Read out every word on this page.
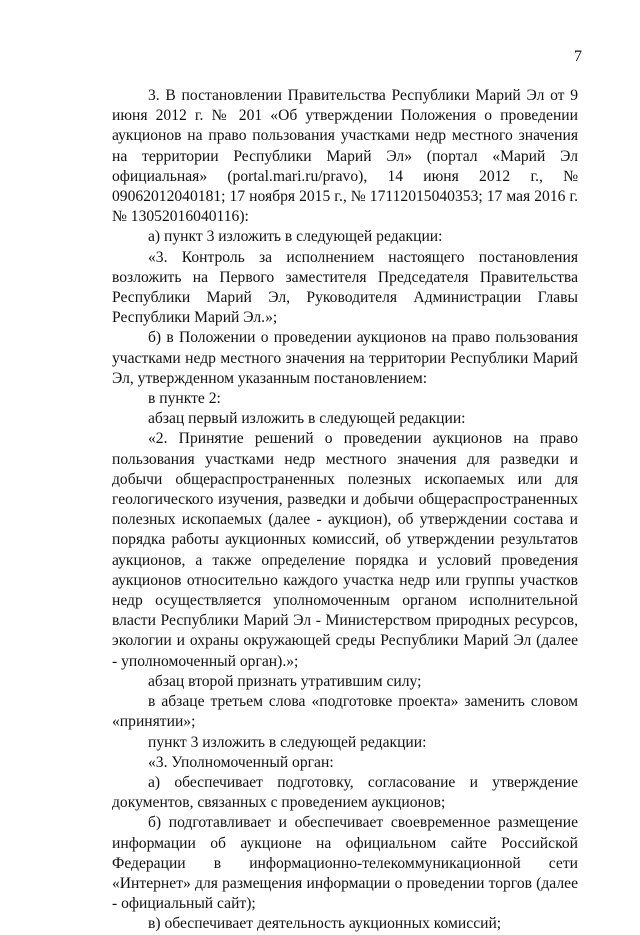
7

3. В постановлении Правительства Республики Марий Эл от 9 июня 2012 г. № 201 «Об утверждении Положения о проведении аукционов на право пользования участками недр местного значения на территории Республики Марий Эл» (портал «Марий Эл официальная» (portal.mari.ru/pravo), 14 июня 2012 г., № 09062012040181; 17 ноября 2015 г., № 17112015040353; 17 мая 2016 г. № 13052016040116):

а) пункт 3 изложить в следующей редакции:

«3. Контроль за исполнением настоящего постановления возложить на Первого заместителя Председателя Правительства Республики Марий Эл, Руководителя Администрации Главы Республики Марий Эл.»;

б) в Положении о проведении аукционов на право пользования участками недр местного значения на территории Республики Марий Эл, утвержденном указанным постановлением:

в пункте 2:

абзац первый изложить в следующей редакции:

«2. Принятие решений о проведении аукционов на право пользования участками недр местного значения для разведки и добычи общераспространенных полезных ископаемых или для геологического изучения, разведки и добычи общераспространенных полезных ископаемых (далее - аукцион), об утверждении состава и порядка работы аукционных комиссий, об утверждении результатов аукционов, а также определение порядка и условий проведения аукционов относительно каждого участка недр или группы участков недр осуществляется уполномоченным органом исполнительной власти Республики Марий Эл - Министерством природных ресурсов, экологии и охраны окружающей среды Республики Марий Эл (далее - уполномоченный орган).»;

абзац второй признать утратившим силу;

в абзаце третьем слова «подготовке проекта» заменить словом «принятии»;

пункт 3 изложить в следующей редакции:

«3. Уполномоченный орган:

а) обеспечивает подготовку, согласование и утверждение документов, связанных с проведением аукционов;

б) подготавливает и обеспечивает своевременное размещение информации об аукционе на официальном сайте Российской Федерации в информационно-телекоммуникационной сети «Интернет» для размещения информации о проведении торгов (далее - официальный сайт);

в) обеспечивает деятельность аукционных комиссий;
